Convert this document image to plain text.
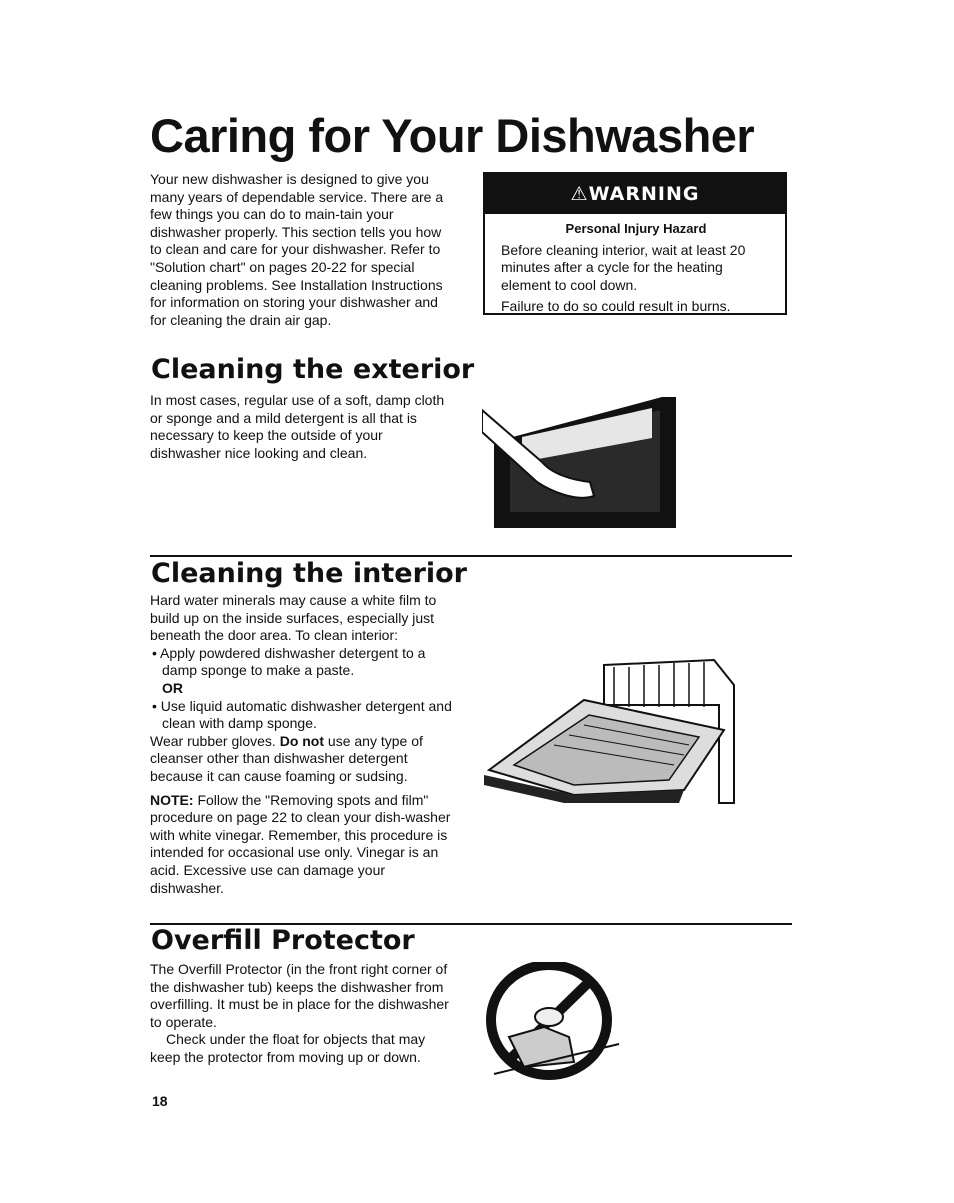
Caring for Your Dishwasher

Your new dishwasher is designed to give you many years of dependable service. There are a few things you can do to main-tain your dishwasher properly. This section tells you how to clean and care for your dishwasher. Refer to "Solution chart" on pages 20-22 for special cleaning problems. See Installation Instructions for information on storing your dishwasher and for cleaning the drain air gap.

⚠WARNING
Personal Injury Hazard

Before cleaning interior, wait at least 20 minutes after a cycle for the heating element to cool down.

Failure to do so could result in burns.

Cleaning the exterior
In most cases, regular use of a soft, damp cloth or sponge and a mild detergent is all that is necessary to keep the outside of your dishwasher nice looking and clean.
Cleaning the interior

Hard water minerals may cause a white film to build up on the inside surfaces, especially just beneath the door area. To clean interior:

• Apply powdered dishwasher detergent to a damp sponge to make a paste.
OR
• Use liquid automatic dishwasher detergent and clean with damp sponge.

Wear rubber gloves. Do not use any type of cleanser other than dishwasher detergent because it can cause foaming or sudsing.

NOTE: Follow the "Removing spots and film" procedure on page 22 to clean your dish-washer with white vinegar. Remember, this procedure is intended for occasional use only. Vinegar is an acid. Excessive use can damage your dishwasher.

Overfill Protector

The Overfill Protector (in the front right corner of the dishwasher tub) keeps the dishwasher from overfilling. It must be in place for the dishwasher to operate.

Check under the float for objects that may keep the protector from moving up or down.

18
